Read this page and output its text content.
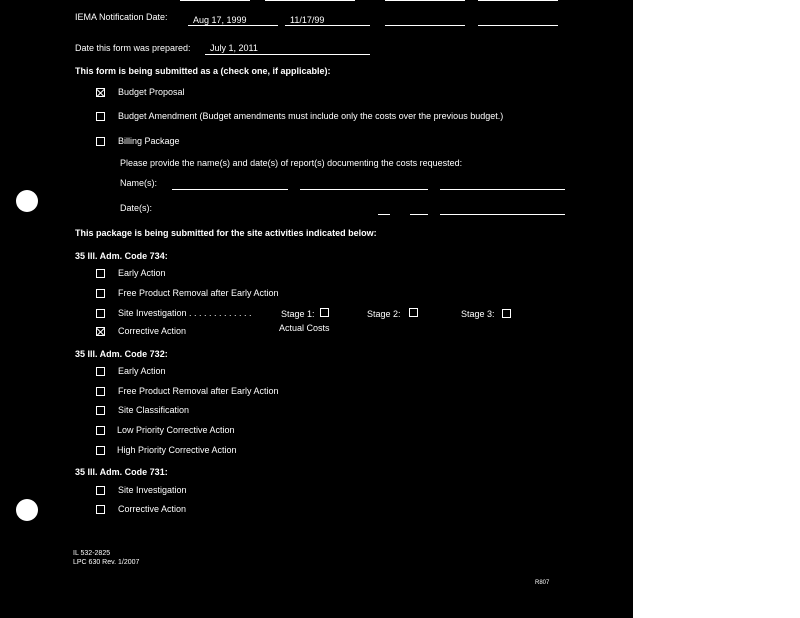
IEMA Notification Date:	Aug 17, 1999	11/17/99
Date this form was prepared: July 1, 2011
This form is being submitted as a (check one, if applicable):
Budget Proposal
Budget Amendment (Budget amendments must include only the costs over the previous budget.)
Billing Package
Please provide the name(s) and date(s) of report(s) documenting the costs requested:
Name(s):
Date(s):
This package is being submitted for the site activities indicated below:
35 Ill. Adm. Code 734:
Early Action
Free Product Removal after Early Action
Site Investigation . . . . . . . . . . . . .	Stage 1:	Stage 2:	Stage 3:
Corrective Action	Actual Costs
35 Ill. Adm. Code 732:
Early Action
Free Product Removal after Early Action
Site Classification
Low Priority Corrective Action
High Priority Corrective Action
35 Ill. Adm. Code 731:
Site Investigation
Corrective Action
IL 532-2825
LPC 630 Rev. 1/2007
R807
